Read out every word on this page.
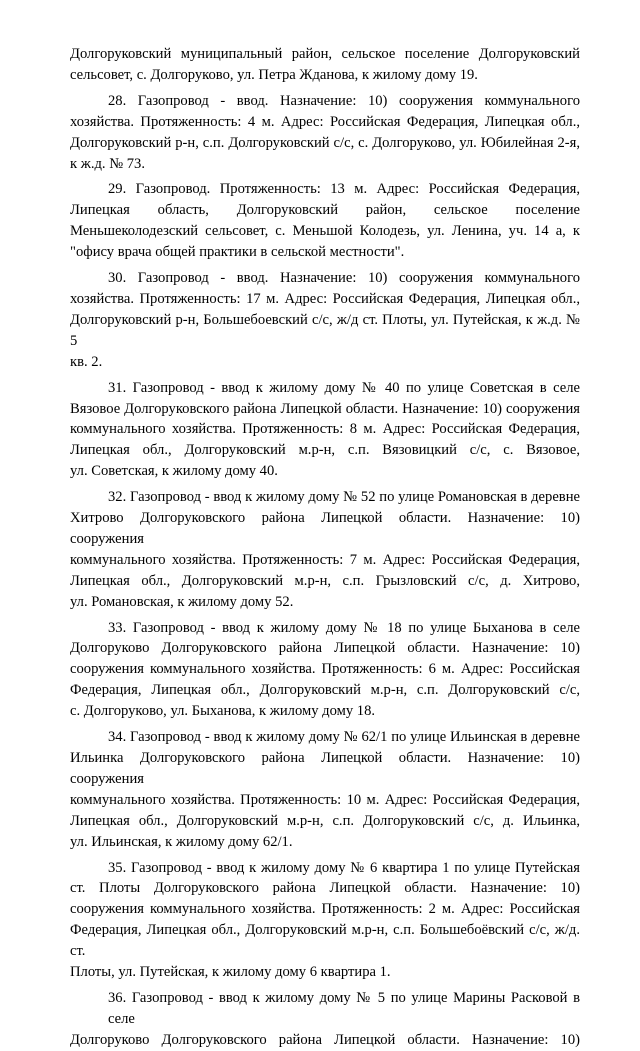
Долгоруковский муниципальный район, сельское поселение Долгоруковский
сельсовет, с. Долгоруково, ул. Петра Жданова, к жилому дому 19.

28. Газопровод - ввод. Назначение: 10) сооружения коммунального
хозяйства. Протяженность: 4 м. Адрес: Российская Федерация, Липецкая обл.,
Долгоруковский р-н, с.п. Долгоруковский с/с, с. Долгоруково, ул. Юбилейная 2-я,
к ж.д. № 73.

29. Газопровод. Протяженность: 13 м. Адрес: Российская Федерация,
Липецкая область, Долгоруковский район, сельское поселение
Меньшеколодезский сельсовет, с. Меньшой Колодезь, ул. Ленина, уч. 14 а, к
"офису врача общей практики в сельской местности".

30. Газопровод - ввод. Назначение: 10) сооружения коммунального
хозяйства. Протяженность: 17 м. Адрес: Российская Федерация, Липецкая обл.,
Долгоруковский р-н, Большебоевский с/с, ж/д ст. Плоты, ул. Путейская, к ж.д. № 5
кв. 2.

31. Газопровод - ввод к жилому дому № 40 по улице Советская в селе
Вязовое Долгоруковского района Липецкой области. Назначение: 10) сооружения
коммунального хозяйства. Протяженность: 8 м. Адрес: Российская Федерация,
Липецкая обл., Долгоруковский м.р-н, с.п. Вязовицкий с/с, с. Вязовое,
ул. Советская, к жилому дому 40.

32. Газопровод - ввод к жилому дому № 52 по улице Романовская в деревне
Хитрово Долгоруковского района Липецкой области. Назначение: 10) сооружения
коммунального хозяйства. Протяженность: 7 м. Адрес: Российская Федерация,
Липецкая обл., Долгоруковский м.р-н, с.п. Грызловский с/с, д. Хитрово,
ул. Романовская, к жилому дому 52.

33. Газопровод - ввод к жилому дому № 18 по улице Быханова в селе
Долгоруково Долгоруковского района Липецкой области. Назначение: 10)
сооружения коммунального хозяйства. Протяженность: 6 м. Адрес: Российская
Федерация, Липецкая обл., Долгоруковский м.р-н, с.п. Долгоруковский с/с,
с. Долгоруково, ул. Быханова, к жилому дому 18.

34. Газопровод - ввод к жилому дому № 62/1 по улице Ильинская в деревне
Ильинка Долгоруковского района Липецкой области. Назначение: 10) сооружения
коммунального хозяйства. Протяженность: 10 м. Адрес: Российская Федерация,
Липецкая обл., Долгоруковский м.р-н, с.п. Долгоруковский с/с, д. Ильинка,
ул. Ильинская, к жилому дому 62/1.

35. Газопровод - ввод к жилому дому № 6 квартира 1 по улице Путейская
ст. Плоты Долгоруковского района Липецкой области. Назначение: 10)
сооружения коммунального хозяйства. Протяженность: 2 м. Адрес: Российская
Федерация, Липецкая обл., Долгоруковский м.р-н, с.п. Большебоёвский с/с, ж/д. ст.
Плоты, ул. Путейская, к жилому дому 6 квартира 1.

36. Газопровод - ввод к жилому дому № 5 по улице Марины Расковой в селе
Долгоруково Долгоруковского района Липецкой области. Назначение: 10)
